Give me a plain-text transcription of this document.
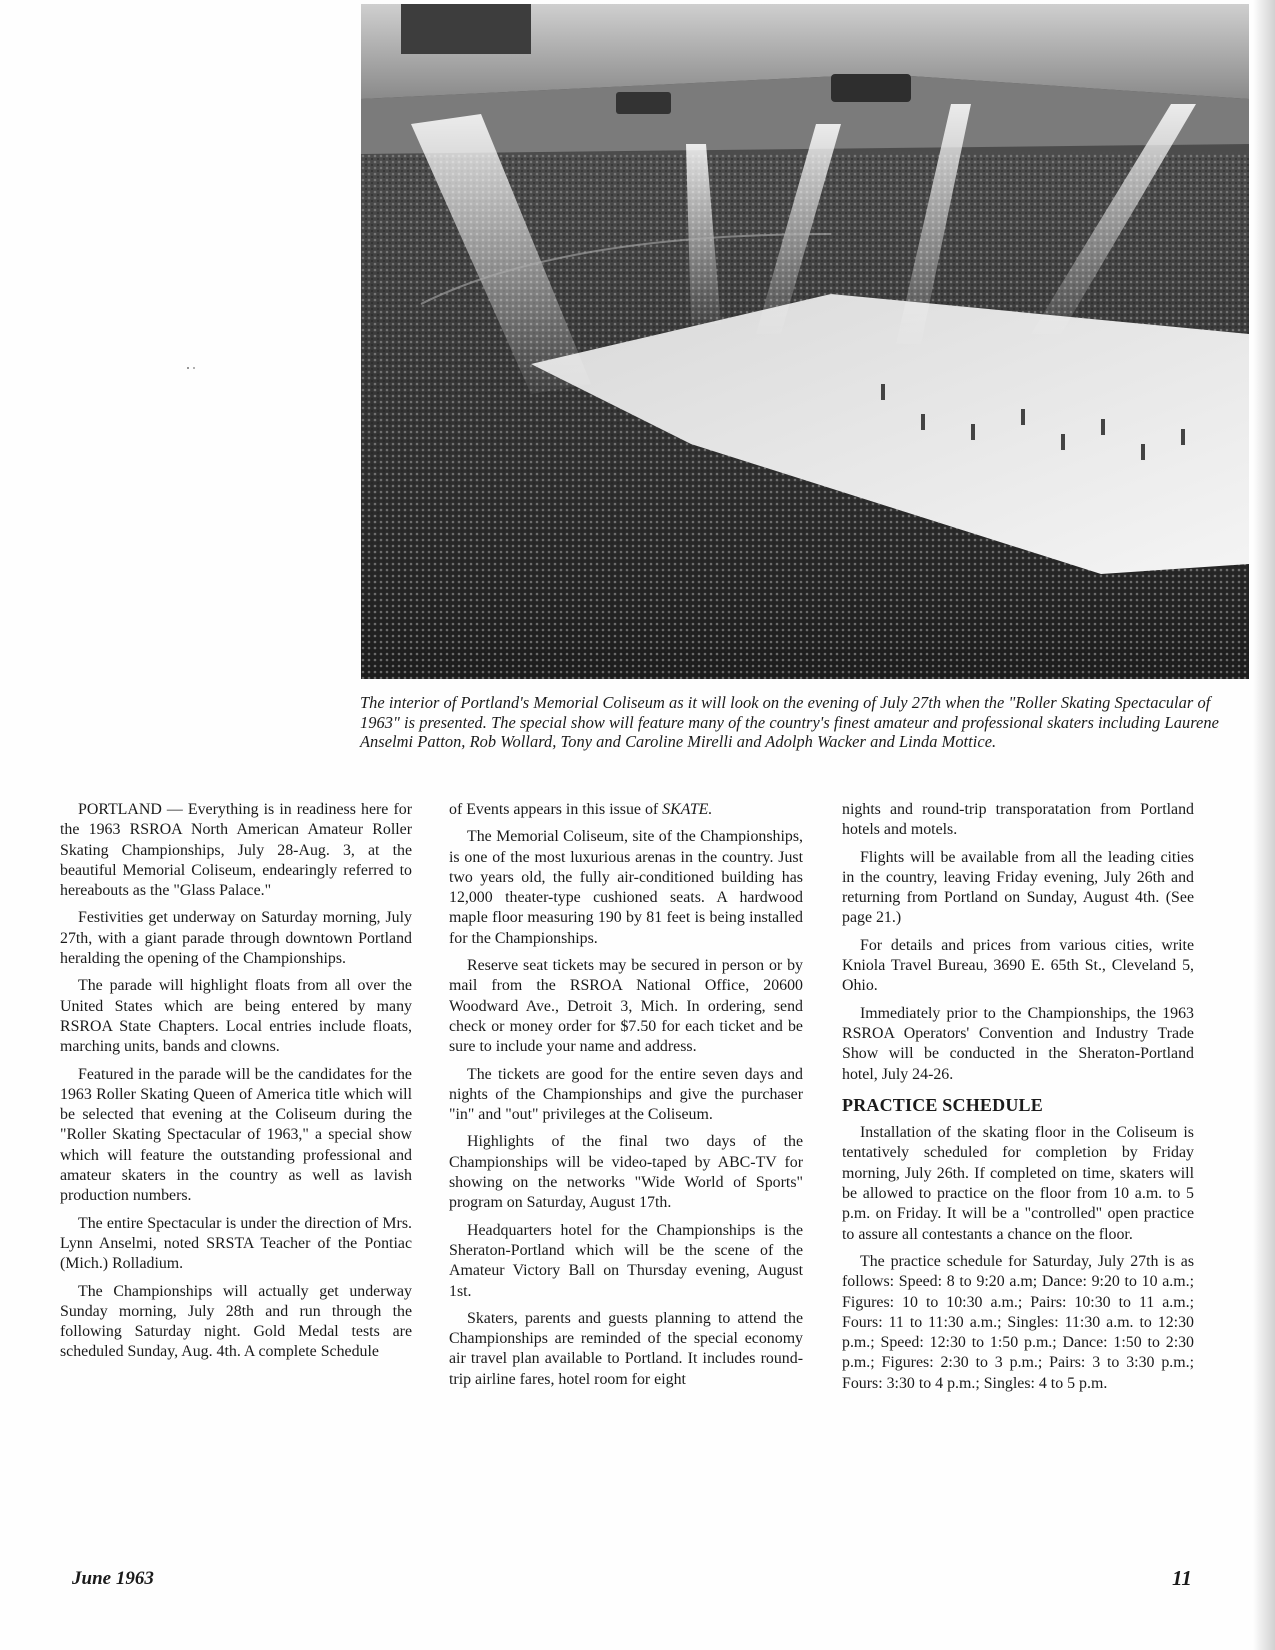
The interior of Portland's Memorial Coliseum as it will look on the evening of July 27th when the "Roller Skating Spectacular of 1963" is presented. The special show will feature many of the country's finest amateur and professional skaters including Laurene Anselmi Patton, Rob Wollard, Tony and Caroline Mirelli and Adolph Wacker and Linda Mottice.

PORTLAND — Everything is in readiness here for the 1963 RSROA North American Amateur Roller Skating Championships, July 28-Aug. 3, at the beautiful Memorial Coliseum, endearingly referred to hereabouts as the "Glass Palace."

Festivities get underway on Saturday morning, July 27th, with a giant parade through downtown Portland heralding the opening of the Championships.

The parade will highlight floats from all over the United States which are being entered by many RSROA State Chapters. Local entries include floats, marching units, bands and clowns.

Featured in the parade will be the candidates for the 1963 Roller Skating Queen of America title which will be selected that evening at the Coliseum during the "Roller Skating Spectacular of 1963," a special show which will feature the outstanding professional and amateur skaters in the country as well as lavish production numbers.

The entire Spectacular is under the direction of Mrs. Lynn Anselmi, noted SRSTA Teacher of the Pontiac (Mich.) Rolladium.

The Championships will actually get underway Sunday morning, July 28th and run through the following Saturday night. Gold Medal tests are scheduled Sunday, Aug. 4th. A complete Schedule

of Events appears in this issue of SKATE.

The Memorial Coliseum, site of the Championships, is one of the most luxurious arenas in the country. Just two years old, the fully air-conditioned building has 12,000 theater-type cushioned seats. A hardwood maple floor measuring 190 by 81 feet is being installed for the Championships.

Reserve seat tickets may be secured in person or by mail from the RSROA National Office, 20600 Woodward Ave., Detroit 3, Mich. In ordering, send check or money order for $7.50 for each ticket and be sure to include your name and address.

The tickets are good for the entire seven days and nights of the Championships and give the purchaser "in" and "out" privileges at the Coliseum.

Highlights of the final two days of the Championships will be video-taped by ABC-TV for showing on the networks "Wide World of Sports" program on Saturday, August 17th.

Headquarters hotel for the Championships is the Sheraton-Portland which will be the scene of the Amateur Victory Ball on Thursday evening, August 1st.

Skaters, parents and guests planning to attend the Championships are reminded of the special economy air travel plan available to Portland. It includes round-trip airline fares, hotel room for eight

nights and round-trip transporatation from Portland hotels and motels.

Flights will be available from all the leading cities in the country, leaving Friday evening, July 26th and returning from Portland on Sunday, August 4th. (See page 21.)

For details and prices from various cities, write Kniola Travel Bureau, 3690 E. 65th St., Cleveland 5, Ohio.

Immediately prior to the Championships, the 1963 RSROA Operators' Convention and Industry Trade Show will be conducted in the Sheraton-Portland hotel, July 24-26.

PRACTICE SCHEDULE

Installation of the skating floor in the Coliseum is tentatively scheduled for completion by Friday morning, July 26th. If completed on time, skaters will be allowed to practice on the floor from 10 a.m. to 5 p.m. on Friday. It will be a "controlled" open practice to assure all contestants a chance on the floor.

The practice schedule for Saturday, July 27th is as follows: Speed: 8 to 9:20 a.m; Dance: 9:20 to 10 a.m.; Figures: 10 to 10:30 a.m.; Pairs: 10:30 to 11 a.m.; Fours: 11 to 11:30 a.m.; Singles: 11:30 a.m. to 12:30 p.m.; Speed: 12:30 to 1:50 p.m.; Dance: 1:50 to 2:30 p.m.; Figures: 2:30 to 3 p.m.; Pairs: 3 to 3:30 p.m.; Fours: 3:30 to 4 p.m.; Singles: 4 to 5 p.m.

June 1963	11
